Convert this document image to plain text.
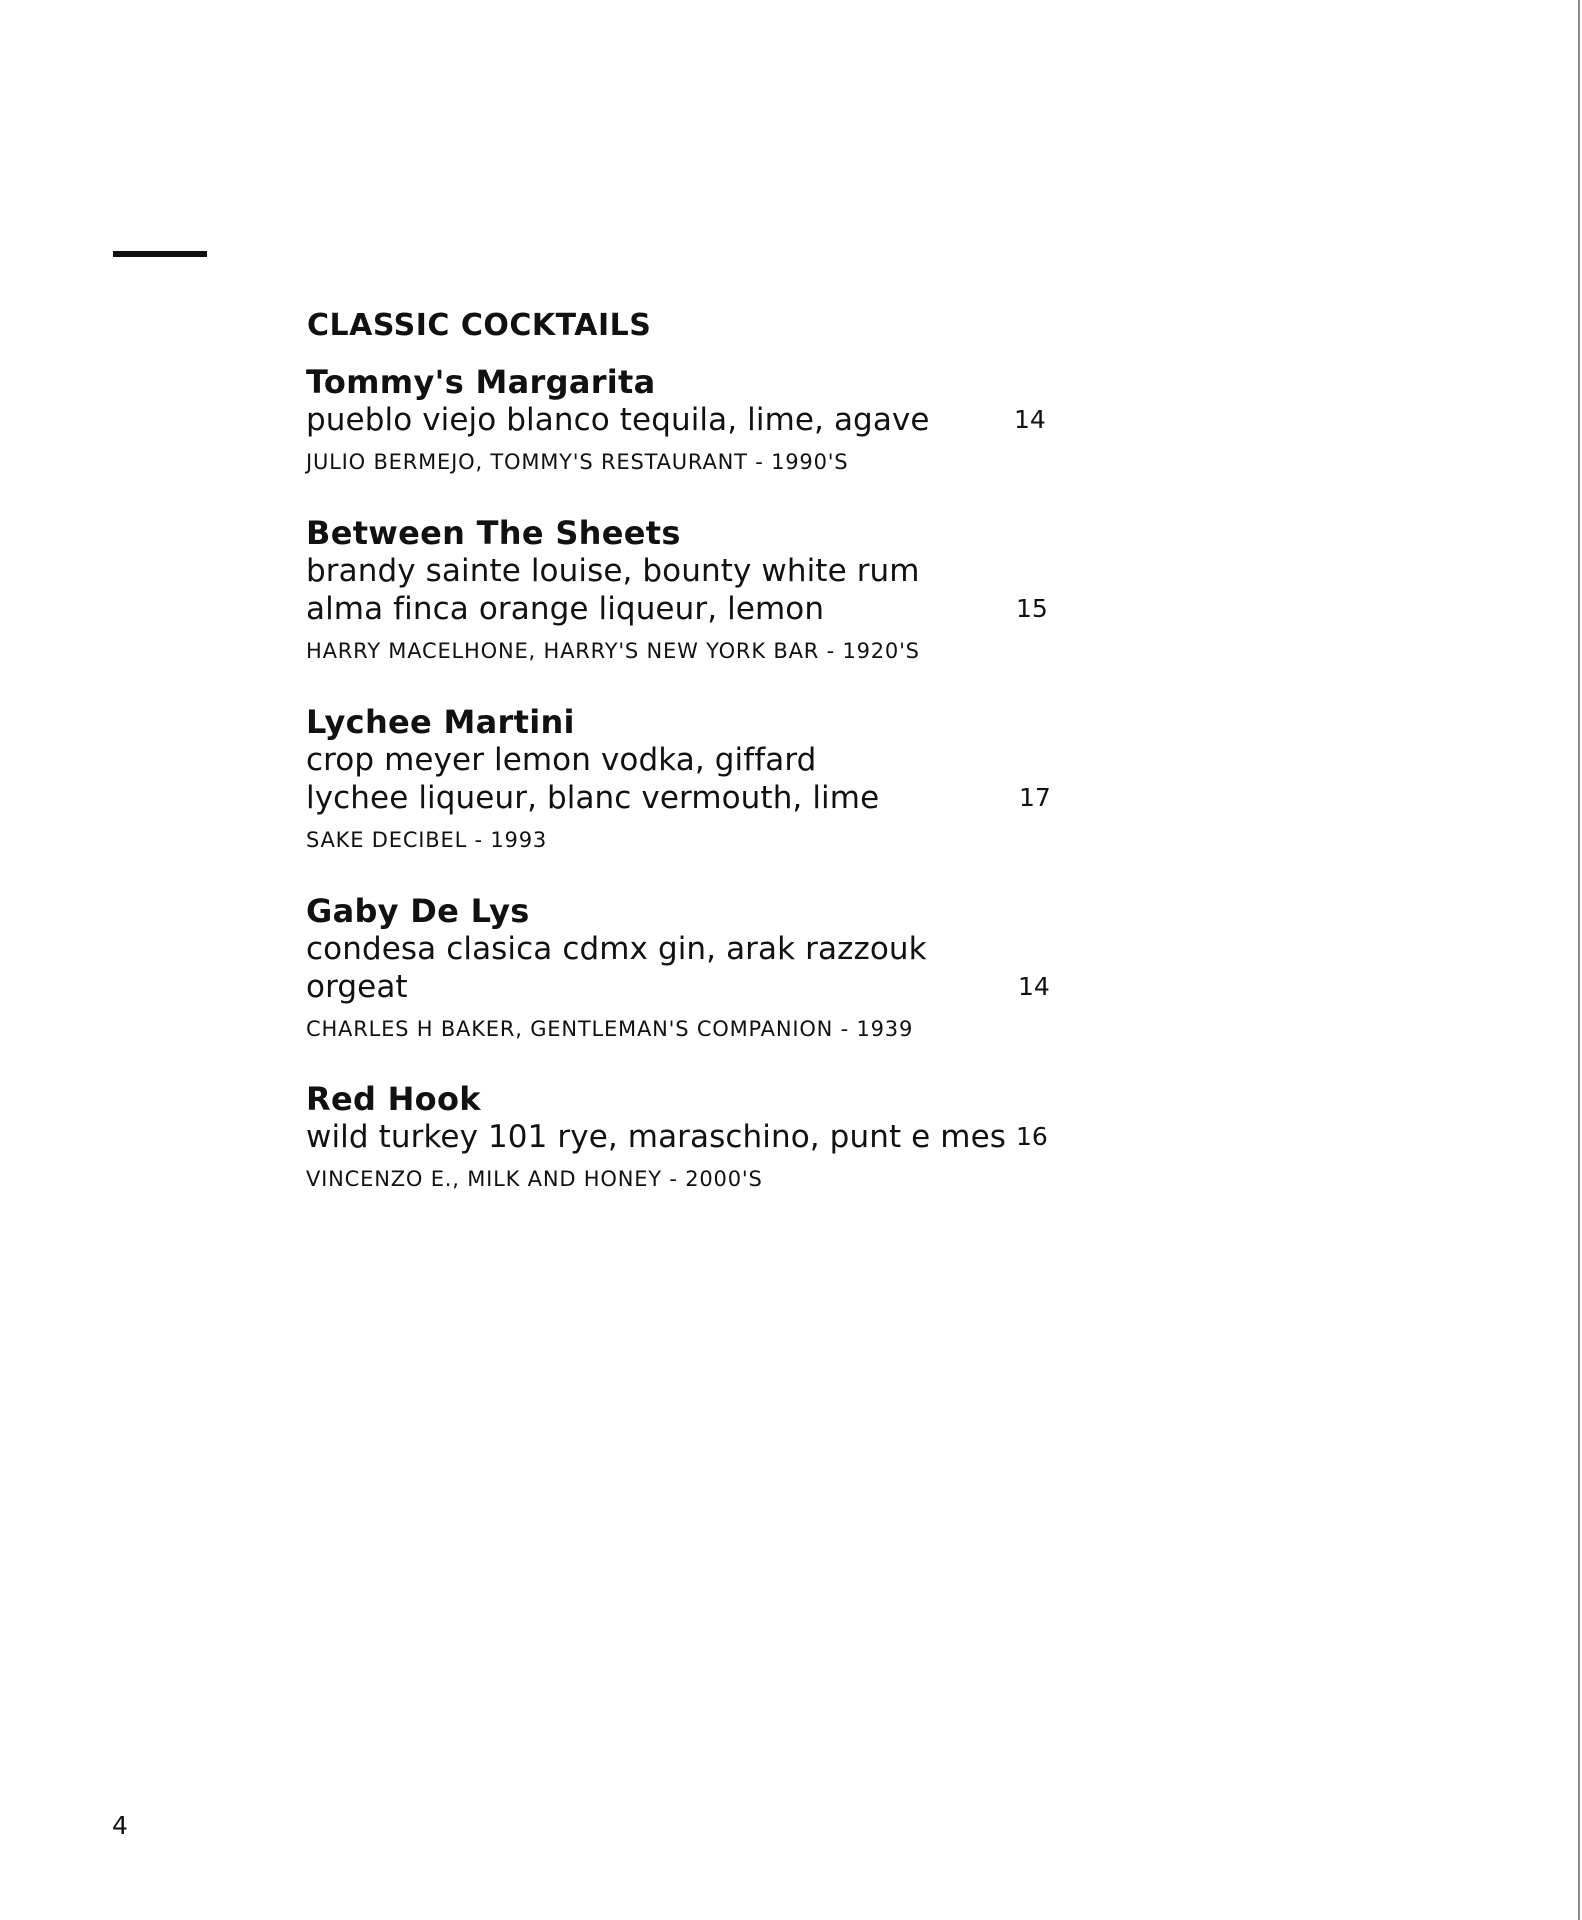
CLASSIC COCKTAILS
Tommy's Margarita
pueblo viejo blanco tequila, lime, agave
JULIO BERMEJO, TOMMY'S RESTAURANT - 1990'S
14
Between The Sheets
brandy sainte louise, bounty white rum
alma finca orange liqueur, lemon
HARRY MACELHONE, HARRY'S NEW YORK BAR - 1920'S
15
Lychee Martini
crop meyer lemon vodka, giffard
lychee liqueur, blanc vermouth, lime
SAKE DECIBEL - 1993
17
Gaby De Lys
condesa clasica cdmx gin, arak razzouk
orgeat
CHARLES H BAKER, GENTLEMAN'S COMPANION - 1939
14
Red Hook
wild turkey 101 rye, maraschino, punt e mes
VINCENZO E., MILK AND HONEY - 2000'S
16
4
